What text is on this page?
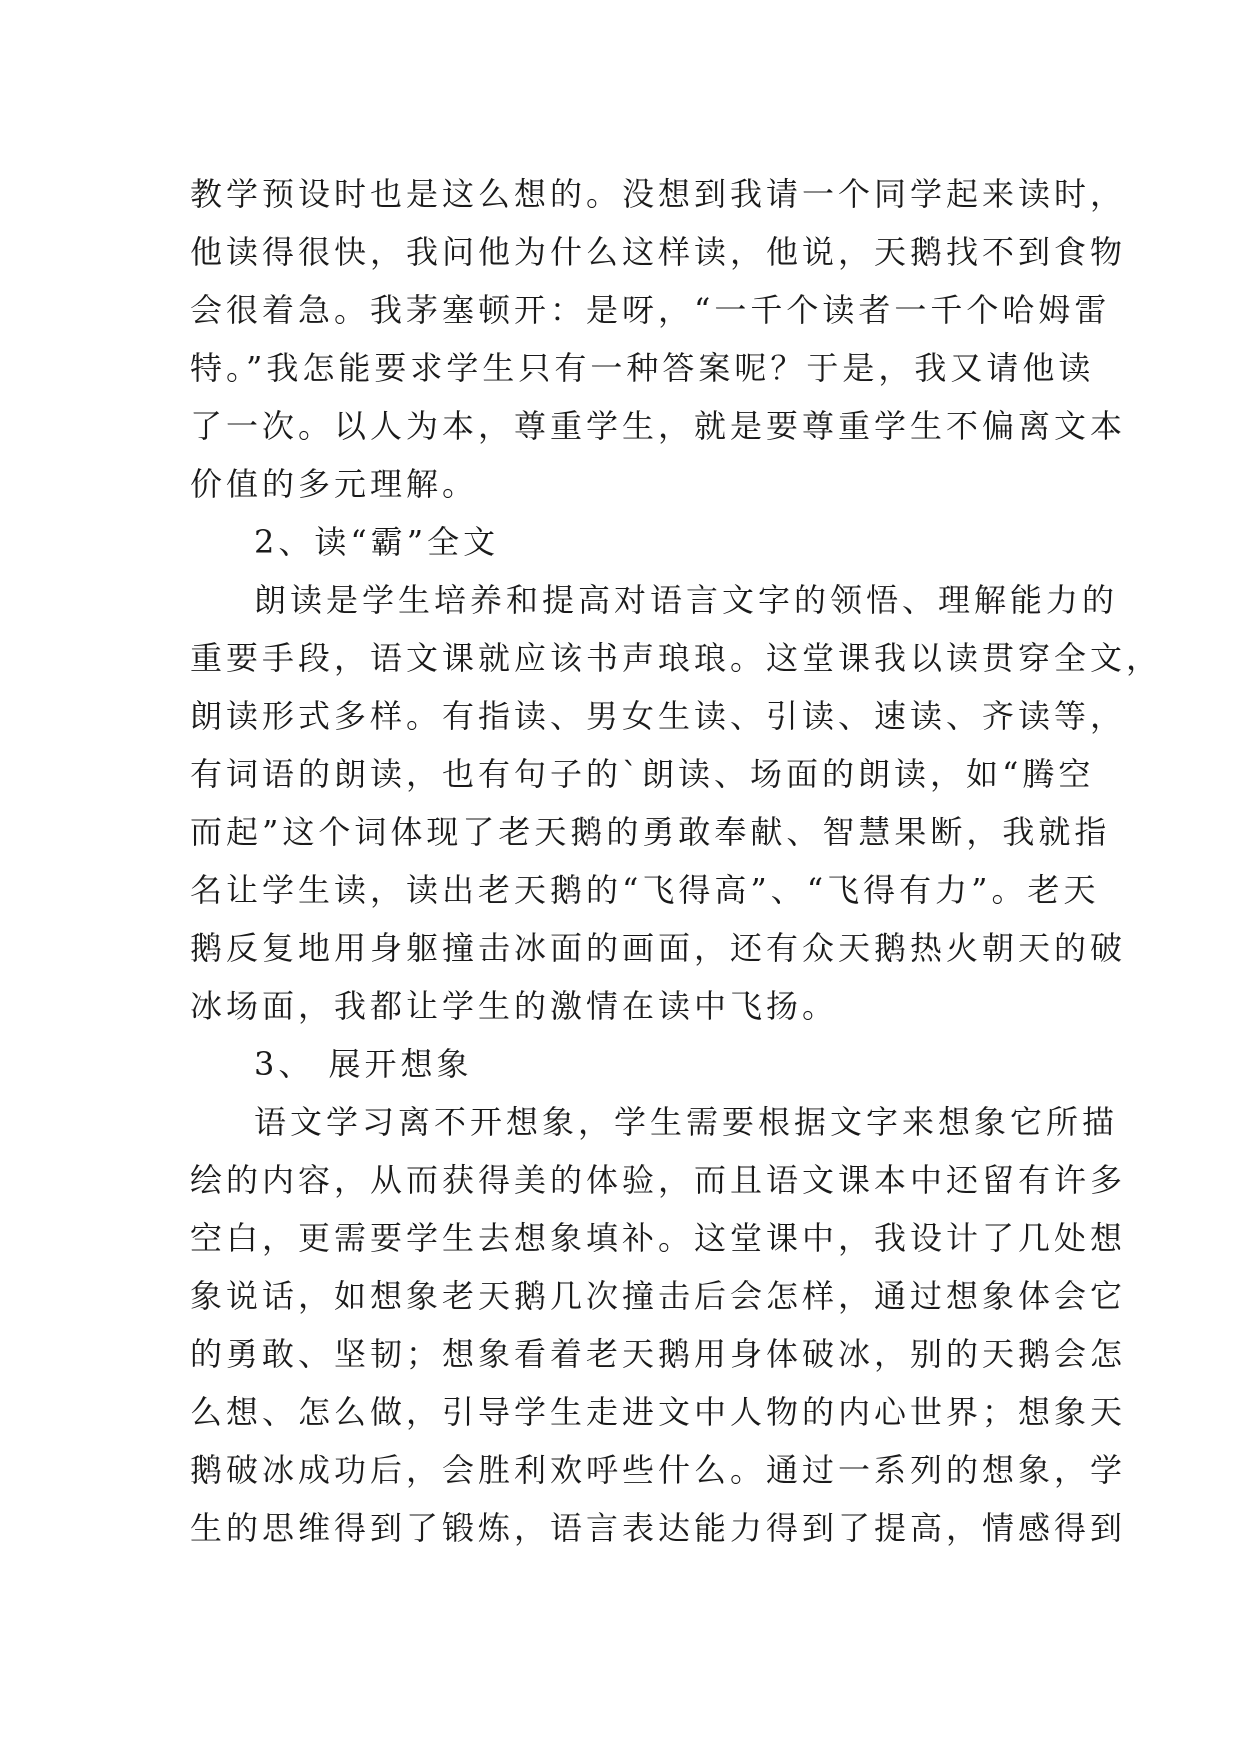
教学预设时也是这么想的。没想到我请一个同学起来读时，
他读得很快，我问他为什么这样读，他说，天鹅找不到食物
会很着急。我茅塞顿开：是呀，“一千个读者一千个哈姆雷
特。”我怎能要求学生只有一种答案呢？于是，我又请他读
了一次。以人为本，尊重学生，就是要尊重学生不偏离文本
价值的多元理解。
2、读“霸”全文
朗读是学生培养和提高对语言文字的领悟、理解能力的
重要手段，语文课就应该书声琅琅。这堂课我以读贯穿全文，
朗读形式多样。有指读、男女生读、引读、速读、齐读等，
有词语的朗读，也有句子的`朗读、场面的朗读，如“腾空
而起”这个词体现了老天鹅的勇敢奉献、智慧果断，我就指
名让学生读，读出老天鹅的“飞得高”、“飞得有力”。老天
鹅反复地用身躯撞击冰面的画面，还有众天鹅热火朝天的破
冰场面，我都让学生的激情在读中飞扬。
3、 展开想象
语文学习离不开想象，学生需要根据文字来想象它所描
绘的内容，从而获得美的体验，而且语文课本中还留有许多
空白，更需要学生去想象填补。这堂课中，我设计了几处想
象说话，如想象老天鹅几次撞击后会怎样，通过想象体会它
的勇敢、坚韧；想象看着老天鹅用身体破冰，别的天鹅会怎
么想、怎么做，引导学生走进文中人物的内心世界；想象天
鹅破冰成功后，会胜利欢呼些什么。通过一系列的想象，学
生的思维得到了锻炼，语言表达能力得到了提高，情感得到
